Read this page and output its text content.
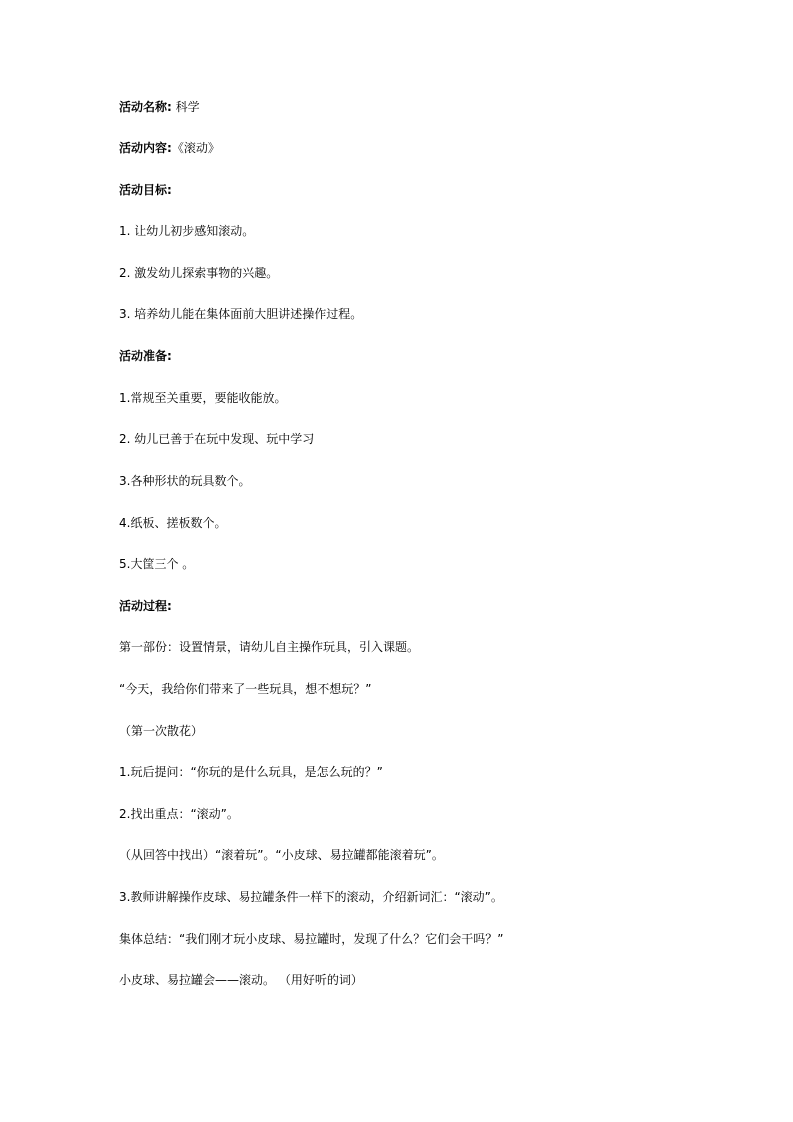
活动名称: 科学
活动内容:《滚动》
活动目标:
1. 让幼儿初步感知滚动。
2. 激发幼儿探索事物的兴趣。
3. 培养幼儿能在集体面前大胆讲述操作过程。
活动准备:
1.常规至关重要，要能收能放。
2. 幼儿已善于在玩中发现、玩中学习
3.各种形状的玩具数个。
4.纸板、搓板数个。
5.大筐三个 。
活动过程:
第一部份：设置情景，请幼儿自主操作玩具，引入课题。
“今天，我给你们带来了一些玩具，想不想玩？”
（第一次散花）
1.玩后提问：“你玩的是什么玩具，是怎么玩的？”
2.找出重点：“滚动”。
（从回答中找出）“滚着玩”。“小皮球、易拉罐都能滚着玩”。
3.教师讲解操作皮球、易拉罐条件一样下的滚动，介绍新词汇：“滚动”。
集体总结：“我们刚才玩小皮球、易拉罐时，发现了什么？它们会干吗？”
小皮球、易拉罐会——滚动。 （用好听的词）
